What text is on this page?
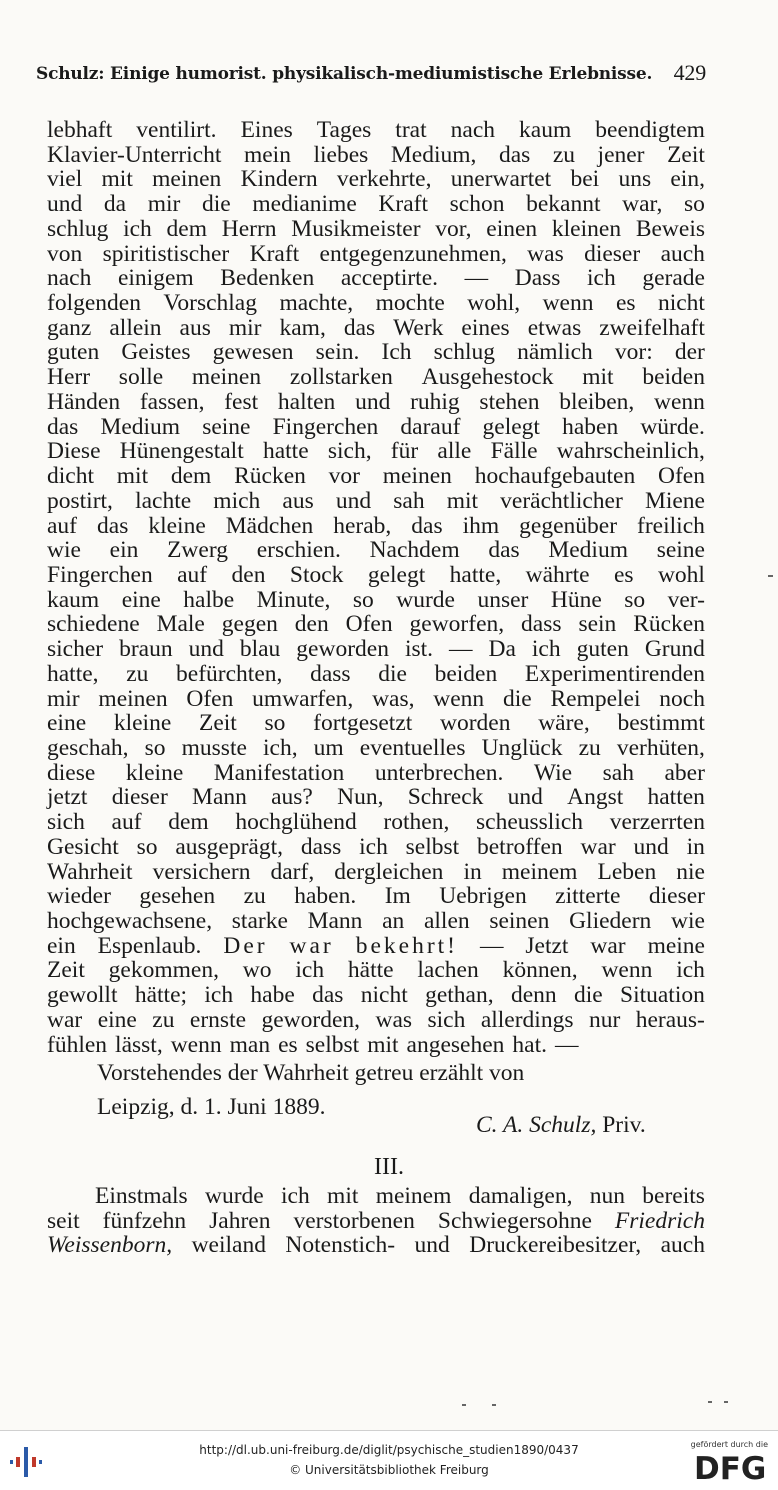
Schulz: Einige humorist. physikalisch-mediumistische Erlebnisse. 429
lebhaft ventilirt. Eines Tages trat nach kaum beendigtem
Klavier-Unterricht mein liebes Medium, das zu jener Zeit
viel mit meinen Kindern verkehrte, unerwartet bei uns ein,
und da mir die medianime Kraft schon bekannt war, so
schlug ich dem Herrn Musikmeister vor, einen kleinen Beweis
von spiritistischer Kraft entgegenzunehmen, was dieser auch
nach einigem Bedenken acceptirte. — Dass ich gerade
folgenden Vorschlag machte, mochte wohl, wenn es nicht
ganz allein aus mir kam, das Werk eines etwas zweifelhaft
guten Geistes gewesen sein. Ich schlug nämlich vor: der
Herr solle meinen zollstarken Ausgehestock mit beiden
Händen fassen, fest halten und ruhig stehen bleiben, wenn
das Medium seine Fingerchen darauf gelegt haben würde.
Diese Hünengestalt hatte sich, für alle Fälle wahrscheinlich,
dicht mit dem Rücken vor meinen hochaufgebauten Ofen
postirt, lachte mich aus und sah mit verächtlicher Miene
auf das kleine Mädchen herab, das ihm gegenüber freilich
wie ein Zwerg erschien. Nachdem das Medium seine
Fingerchen auf den Stock gelegt hatte, währte es wohl
kaum eine halbe Minute, so wurde unser Hüne so ver-
schiedene Male gegen den Ofen geworfen, dass sein Rücken
sicher braun und blau geworden ist. — Da ich guten Grund
hatte, zu befürchten, dass die beiden Experimentirenden
mir meinen Ofen umwarfen, was, wenn die Rempelei noch
eine kleine Zeit so fortgesetzt worden wäre, bestimmt
geschah, so musste ich, um eventuelles Unglück zu verhüten,
diese kleine Manifestation unterbrechen. Wie sah aber
jetzt dieser Mann aus? Nun, Schreck und Angst hatten
sich auf dem hochglühend rothen, scheusslich verzerrten
Gesicht so ausgeprägt, dass ich selbst betroffen war und in
Wahrheit versichern darf, dergleichen in meinem Leben nie
wieder gesehen zu haben. Im Uebrigen zitterte dieser
hochgewachsene, starke Mann an allen seinen Gliedern wie
ein Espenlaub. Der war bekehrt! — Jetzt war meine
Zeit gekommen, wo ich hätte lachen können, wenn ich
gewollt hätte; ich habe das nicht gethan, denn die Situation
war eine zu ernste geworden, was sich allerdings nur heraus-
fühlen lässt, wenn man es selbst mit angesehen hat. —
Vorstehendes der Wahrheit getreu erzählt von
Leipzig, d. 1. Juni 1889.
C. A. Schulz, Priv.
III.
Einstmals wurde ich mit meinem damaligen, nun bereits
seit fünfzehn Jahren verstorbenen Schwiegersohne Friedrich
Weissenborn, weiland Notenstich- und Druckereibesitzer, auch
http://dl.ub.uni-freiburg.de/diglit/psychische_studien1890/0437
© Universitätsbibliothek Freiburg
gefördert durch die
DFG
